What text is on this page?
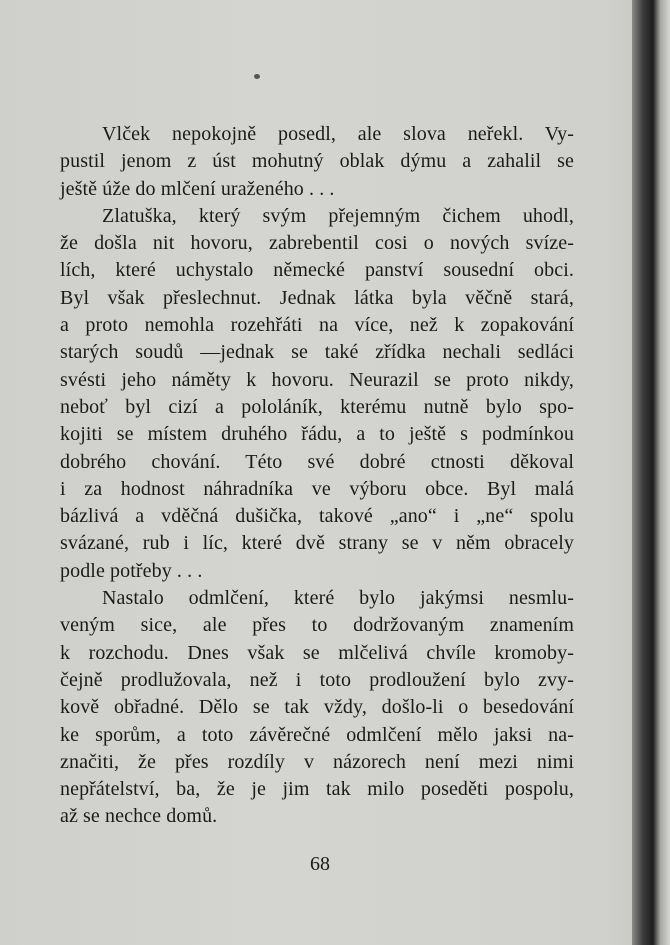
Vlček nepokojně posedl, ale slova neřekl. Vy-
pustil jenom z úst mohutný oblak dýmu a zahalil se
ještě úže do mlčení uraženého . . .
Zlatuška, který svým přejemným čichem uhodl,
že došla nit hovoru, zabrebentil cosi o nových svíze-
lích, které uchystalo německé panství sousední obci.
Byl však přeslechnut. Jednak látka byla věčně stará,
a proto nemohla rozehřáti na více, než k zopakování
starých soudů —jednak se také zřídka nechali sedláci
svésti jeho náměty k hovoru. Neurazil se proto nikdy,
neboť byl cizí a pololáník, kterému nutně bylo spo-
kojiti se místem druhého řádu, a to ještě s podmínkou
dobrého chování. Této své dobré ctnosti děkoval
i za hodnost náhradníka ve výboru obce. Byl malá
bázlivá a vděčná dušička, takové „ano“ i „ne“ spolu
svázané, rub i líc, které dvě strany se v něm obracely
podle potřeby . . .
Nastalo odmlčení, které bylo jakýmsi nesmlu-
veným sice, ale přes to dodržovaným znamením
k rozchodu. Dnes však se mlčelivá chvíle kromoby-
čejně prodlužovala, než i toto prodloužení bylo zvy-
kově obřadné. Dělo se tak vždy, došlo-li o besedování
ke sporům, a toto závěrečné odmlčení mělo jaksi na-
značiti, že přes rozdíly v názorech není mezi nimi
nepřátelství, ba, že je jim tak milo poseděti pospolu,
až se nechce domů.
68
